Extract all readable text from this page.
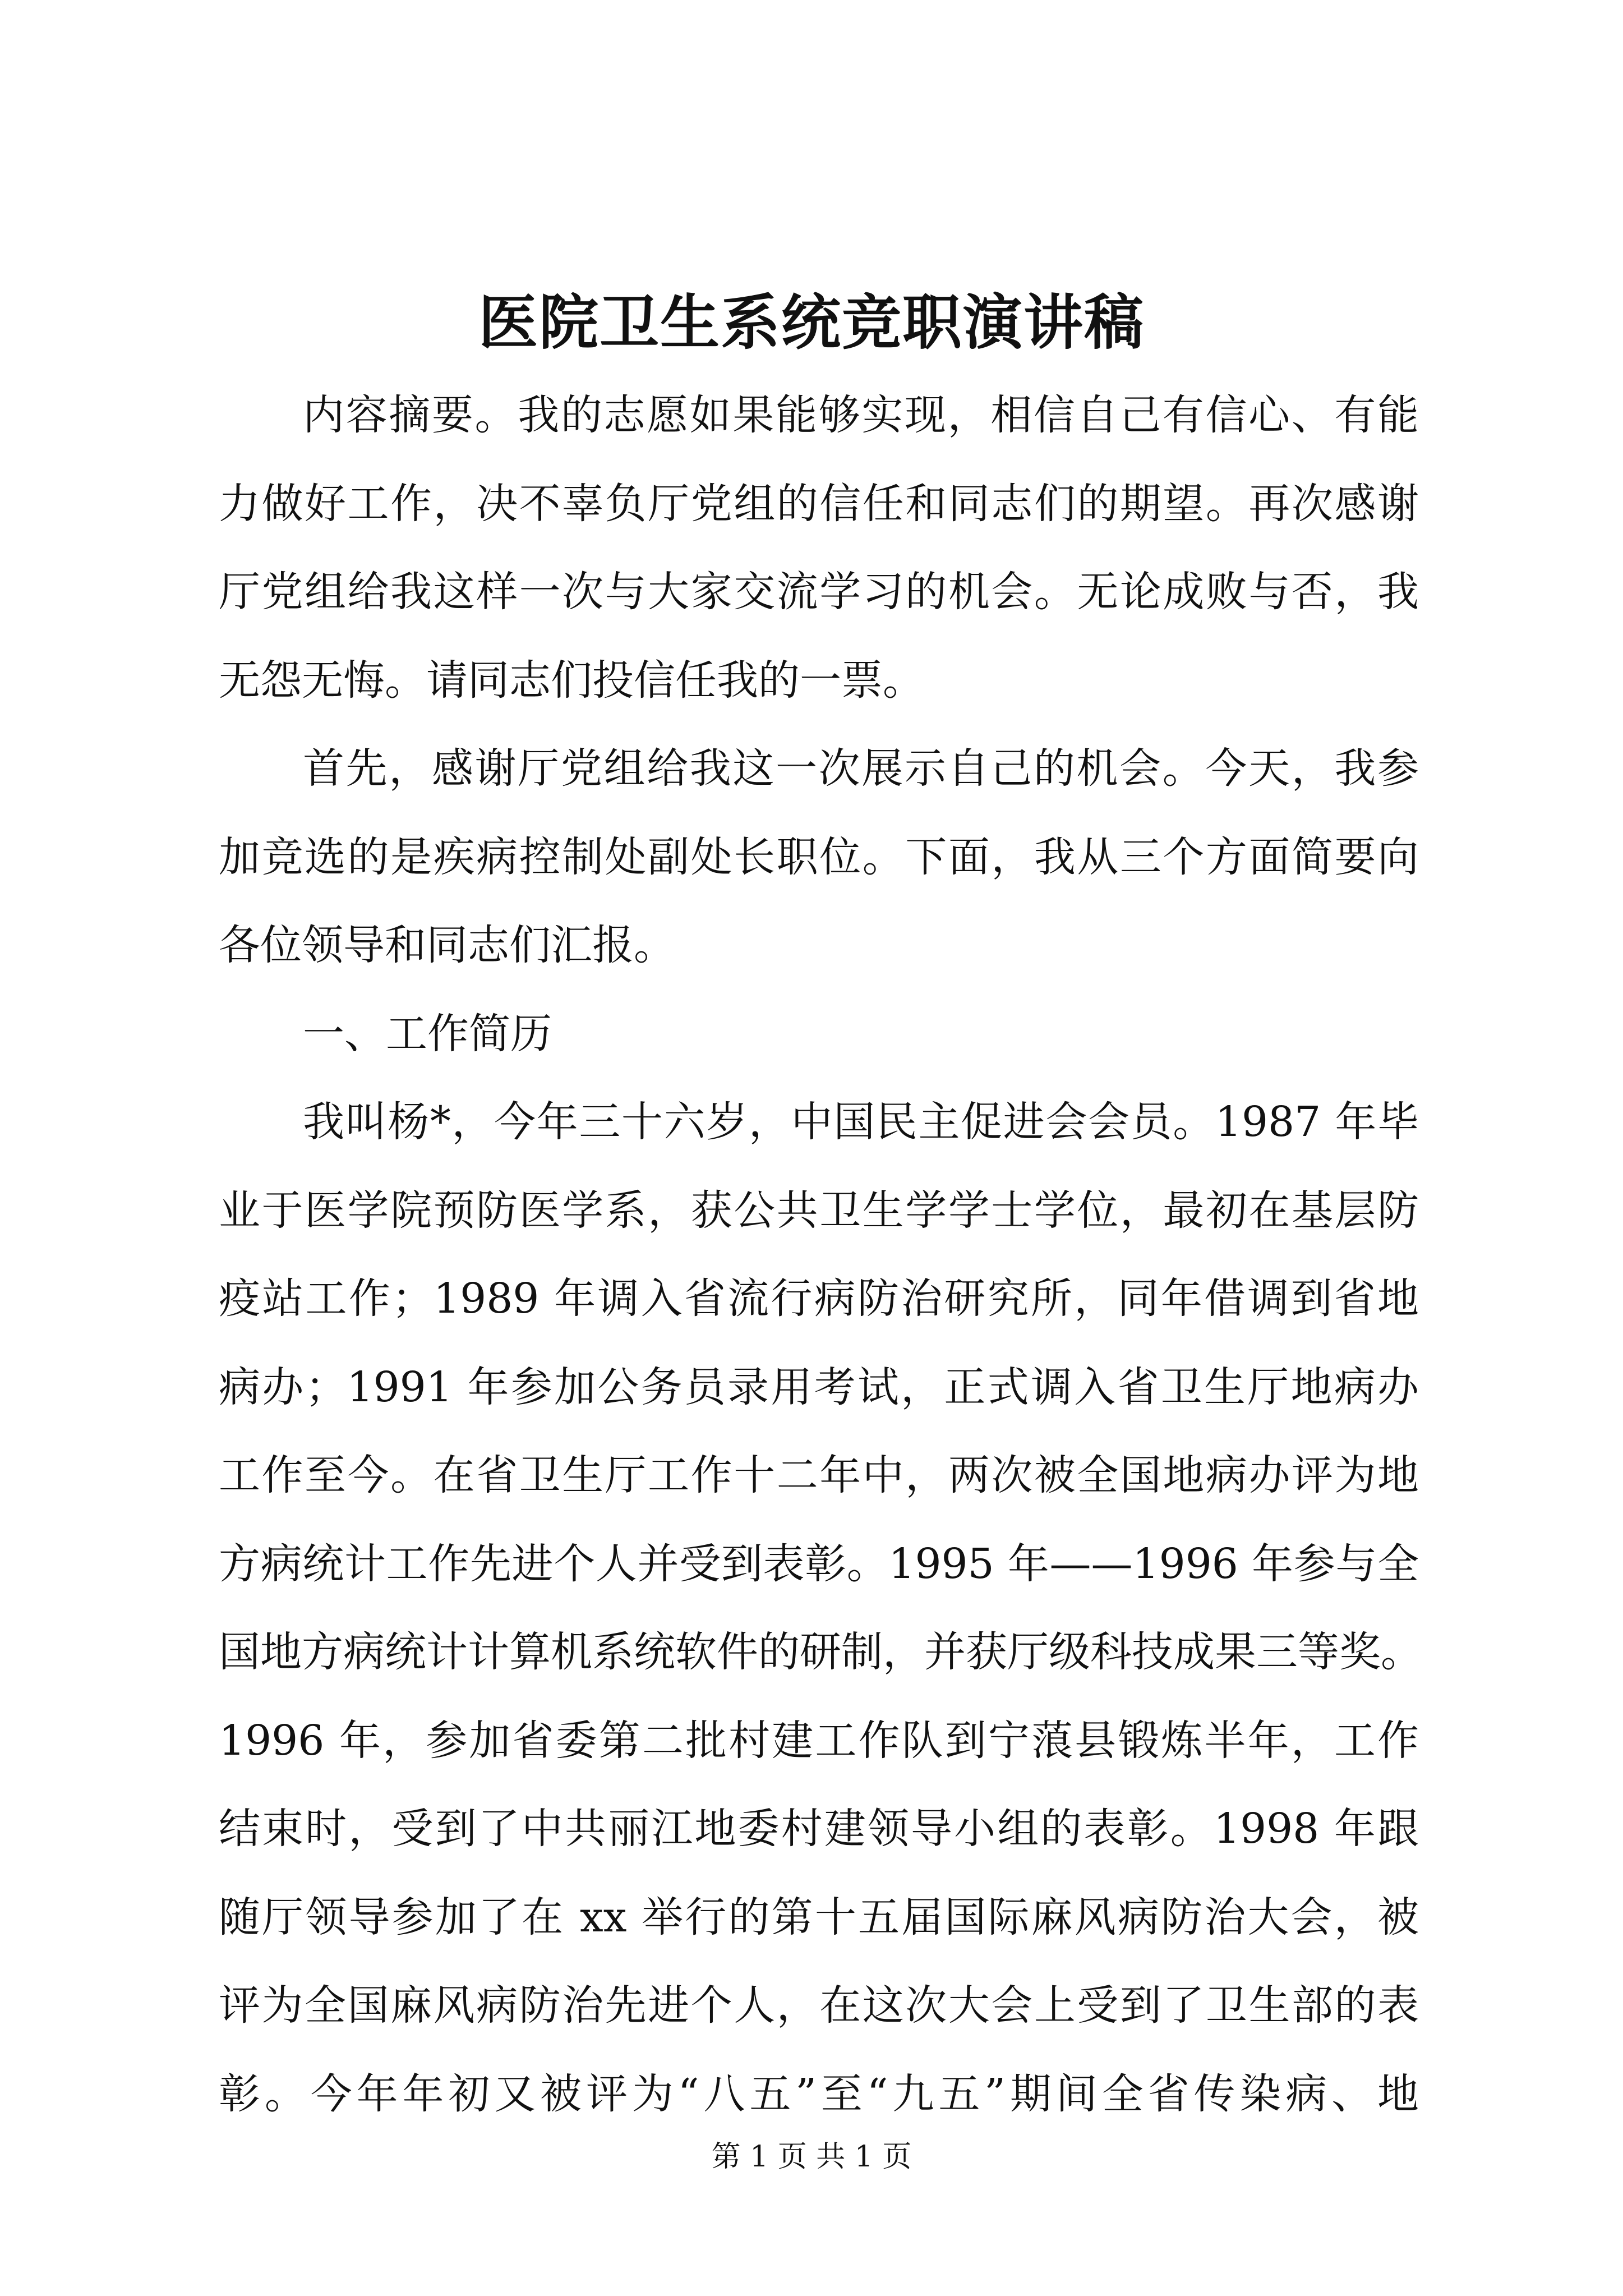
医院卫生系统竞职演讲稿
内容摘要。我的志愿如果能够实现，相信自己有信心、有能
力做好工作，决不辜负厅党组的信任和同志们的期望。再次感谢
厅党组给我这样一次与大家交流学习的机会。无论成败与否，我
无怨无悔。请同志们投信任我的一票。
首先，感谢厅党组给我这一次展示自己的机会。今天，我参
加竞选的是疾病控制处副处长职位。下面，我从三个方面简要向
各位领导和同志们汇报。
一、工作简历
我叫杨*，今年三十六岁，中国民主促进会会员。1987 年毕
业于医学院预防医学系，获公共卫生学学士学位，最初在基层防
疫站工作；1989 年调入省流行病防治研究所，同年借调到省地
病办；1991 年参加公务员录用考试，正式调入省卫生厅地病办
工作至今。在省卫生厅工作十二年中，两次被全国地病办评为地
方病统计工作先进个人并受到表彰。1995 年——1996 年参与全
国地方病统计计算机系统软件的研制，并获厅级科技成果三等奖。
1996 年，参加省委第二批村建工作队到宁蒗县锻炼半年，工作
结束时，受到了中共丽江地委村建领导小组的表彰。1998 年跟
随厅领导参加了在 xx 举行的第十五届国际麻风病防治大会，被
评为全国麻风病防治先进个人，在这次大会上受到了卫生部的表
彰。今年年初又被评为“八五”至“九五”期间全省传染病、地
第 1 页 共 1 页
